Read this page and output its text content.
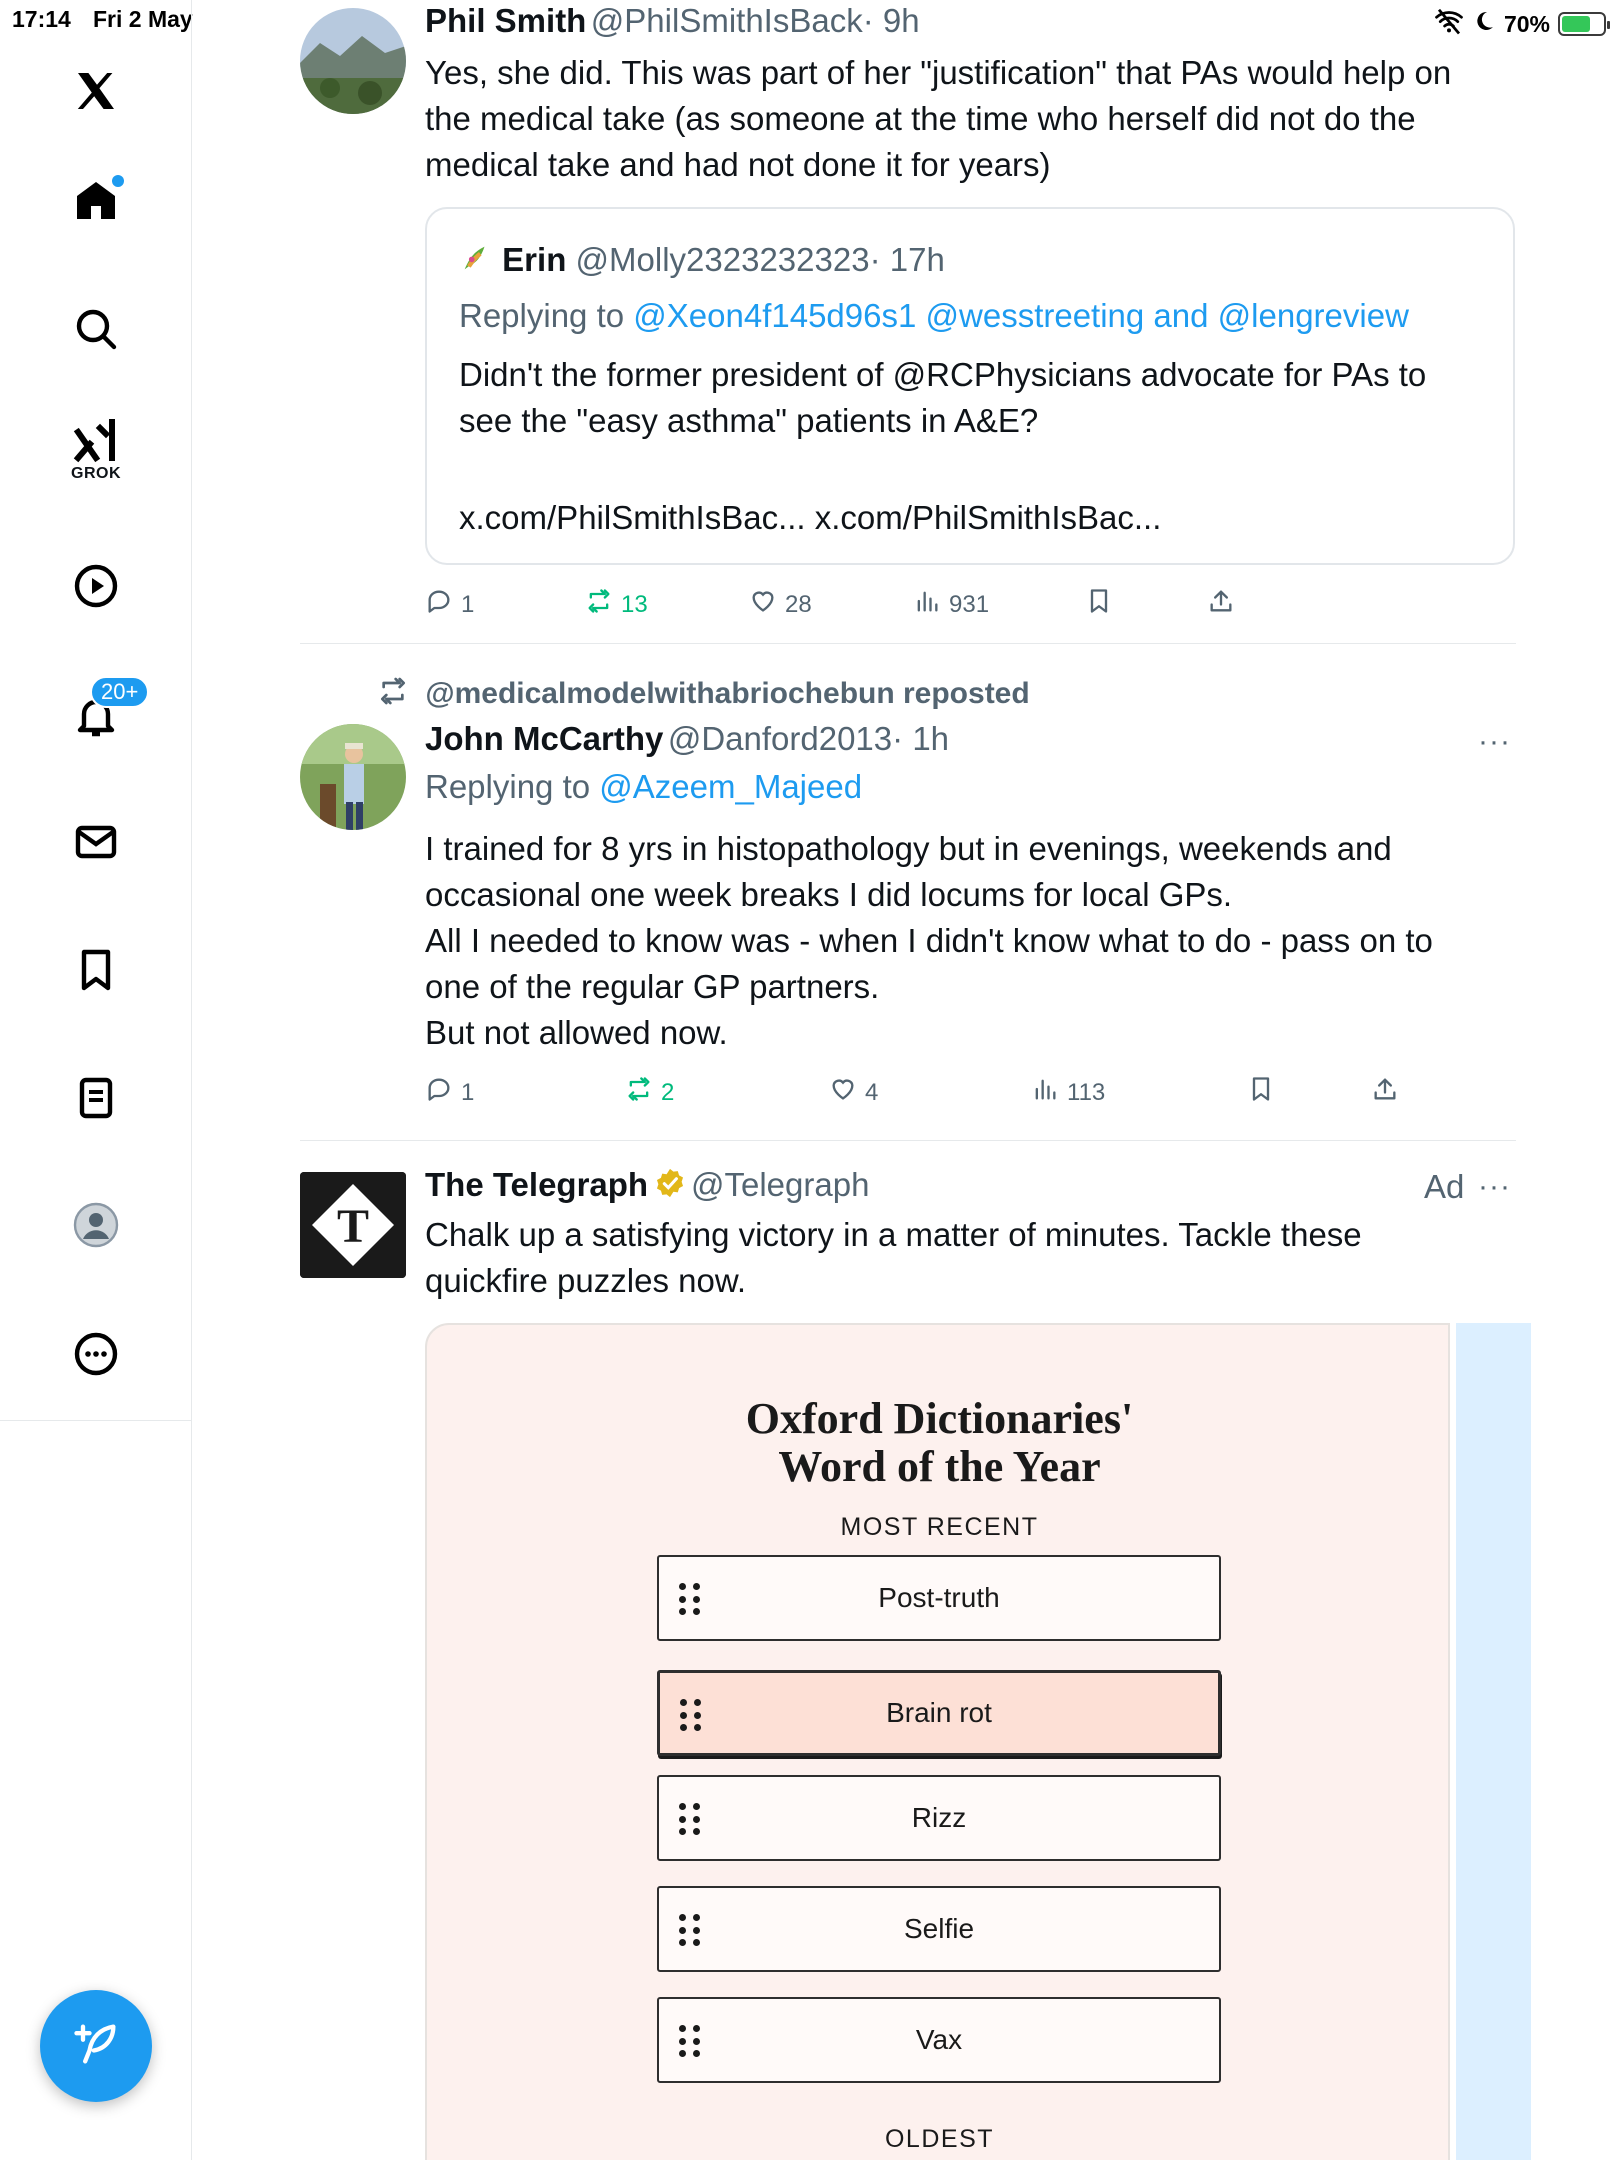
17:14 Fri 2 May	70%
GROK
20+
Phil Smith @PhilSmithIsBack· 9h
Yes, she did. This was part of her "justification" that PAs would help on
the medical take (as someone at the time who herself did not do the
medical take and had not done it for years)
Erin @Molly2323232323· 17h
Replying to @Xeon4f145d96s1 @wesstreeting and @lengreview
Didn't the former president of @RCPhysicians advocate for PAs to
see the "easy asthma" patients in A&E?
x.com/PhilSmithIsBac... x.com/PhilSmithIsBac...
1	13	28	931
@medicalmodelwithabriochebun reposted
John McCarthy @Danford2013· 1h	···
Replying to @Azeem_Majeed
I trained for 8 yrs in histopathology but in evenings, weekends and
occasional one week breaks I did locums for local GPs.
All I needed to know was - when I didn't know what to do - pass on to
one of the regular GP partners.
But not allowed now.
1	2	4	113
T
The Telegraph @Telegraph	Ad ···
Chalk up a satisfying victory in a matter of minutes. Tackle these
quickfire puzzles now.
Oxford Dictionaries'
Word of the Year
MOST RECENT
Post-truth
Brain rot
Rizz
Selfie
Vax
OLDEST
